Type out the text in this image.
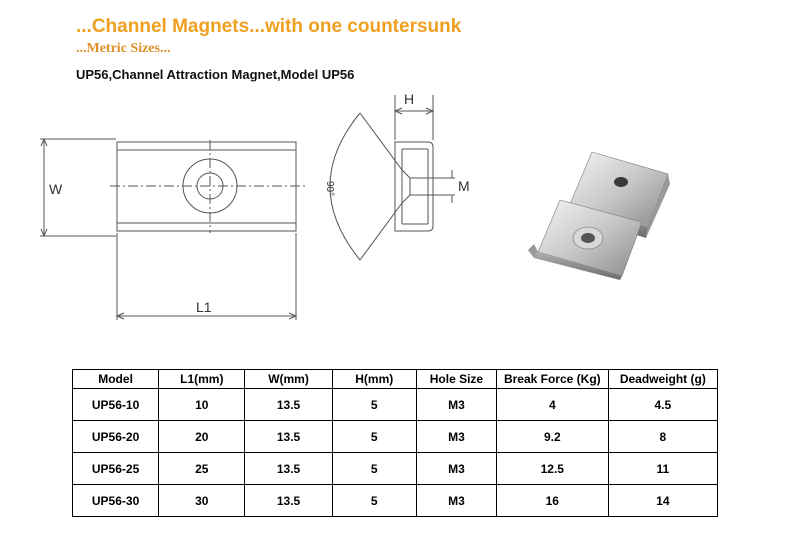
...Channel Magnets...with one countersunk
...Metric Sizes...
UP56,Channel Attraction Magnet,Model UP56
W
L1
H
M
90°
Model	L1(mm)	W(mm)	H(mm)	Hole Size	Break Force (Kg)	Deadweight (g)
UP56-10	10	13.5	5	M3	4	4.5
UP56-20	20	13.5	5	M3	9.2	8
UP56-25	25	13.5	5	M3	12.5	11
UP56-30	30	13.5	5	M3	16	14
